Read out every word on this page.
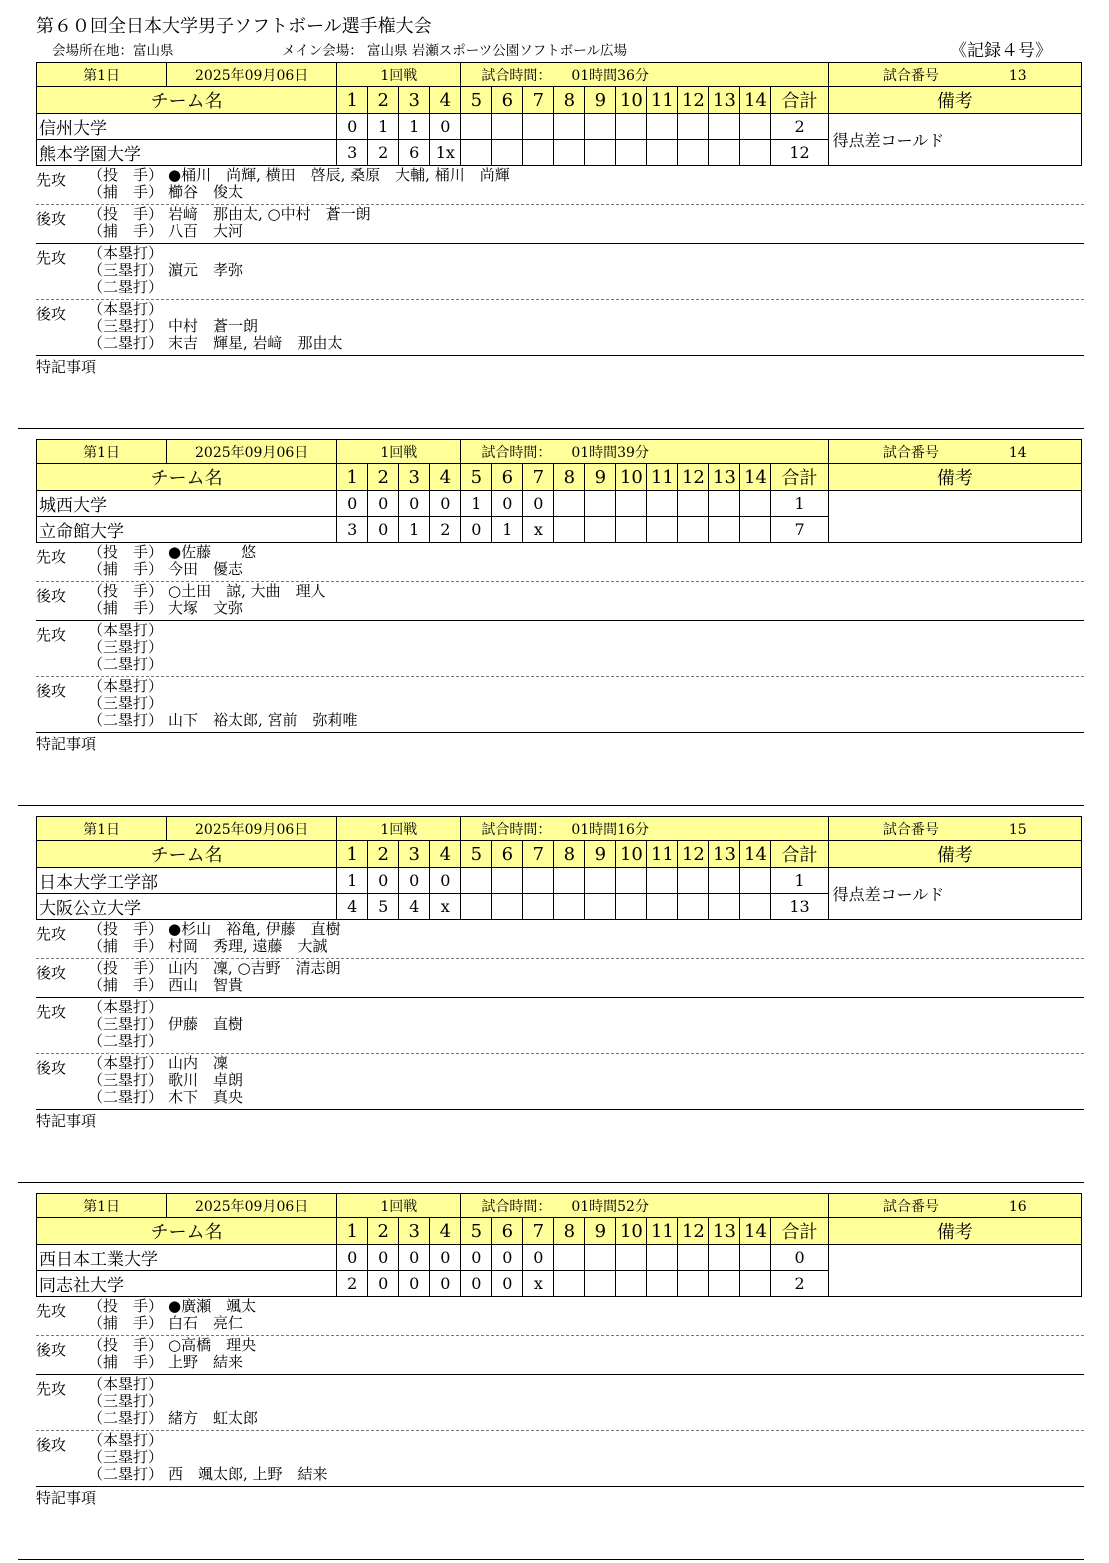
第６０回全日本大学男子ソフトボール選手権大会
会場所在地：富山県	メイン会場： 富山県 岩瀬スポーツ公園ソフトボール広場	《記録４号》
第1日	2025年09月06日	1回戦				試合時間： 01時間36分											試合番号 13
チーム名		1	2	3	4	5	6	7	8	9	10	11	12	13	14	合計	備考
信州大学		0	1	1	0											2	得点差コールド
熊本学園大学		3	2	6	1x											12	
先攻	（投　手） ●桶川　尚輝, 横田　啓辰, 桑原　大輔, 桶川　尚輝
（捕　手） 櫛谷　俊太
後攻	（投　手） 岩﨑　那由太, ○中村　蒼一朗
（捕　手） 八百　大河
先攻	（本塁打）
（三塁打） 濵元　孝弥
（二塁打）
後攻	（本塁打）
（三塁打） 中村　蒼一朗
（二塁打） 末吉　輝星, 岩﨑　那由太
特記事項
第1日	2025年09月06日	1回戦				試合時間： 01時間39分											試合番号 14
チーム名		1	2	3	4	5	6	7	8	9	10	11	12	13	14	合計	備考
城西大学		0	0	0	0	1	0	0								1	
立命館大学		3	0	1	2	0	1	x								7	
先攻	（投　手） ●佐藤　　悠
（捕　手） 今田　優志
後攻	（投　手） ○土田　諒, 大曲　理人
（捕　手） 大塚　文弥
先攻	（本塁打）
（三塁打）
（二塁打）
後攻	（本塁打）
（三塁打）
（二塁打） 山下　裕太郎, 宮前　弥莉唯
特記事項
第1日	2025年09月06日	1回戦				試合時間： 01時間16分											試合番号 15
チーム名		1	2	3	4	5	6	7	8	9	10	11	12	13	14	合計	備考
日本大学工学部		1	0	0	0											1	得点差コールド
大阪公立大学		4	5	4	x											13	
先攻	（投　手） ●杉山　裕亀, 伊藤　直樹
（捕　手） 村岡　秀理, 遠藤　大誠
後攻	（投　手） 山内　凜, ○吉野　清志朗
（捕　手） 西山　智貴
先攻	（本塁打）
（三塁打） 伊藤　直樹
（二塁打）
後攻	（本塁打） 山内　凜
（三塁打） 歌川　卓朗
（二塁打） 木下　真央
特記事項
第1日	2025年09月06日	1回戦				試合時間： 01時間52分											試合番号 16
チーム名		1	2	3	4	5	6	7	8	9	10	11	12	13	14	合計	備考
西日本工業大学		0	0	0	0	0	0	0								0	
同志社大学		2	0	0	0	0	0	x								2	
先攻	（投　手） ●廣瀬　颯太
（捕　手） 白石　亮仁
後攻	（投　手） ○高橋　理央
（捕　手） 上野　結来
先攻	（本塁打）
（三塁打）
（二塁打） 緒方　虹太郎
後攻	（本塁打）
（三塁打）
（二塁打） 西　颯太郎, 上野　結来
特記事項
